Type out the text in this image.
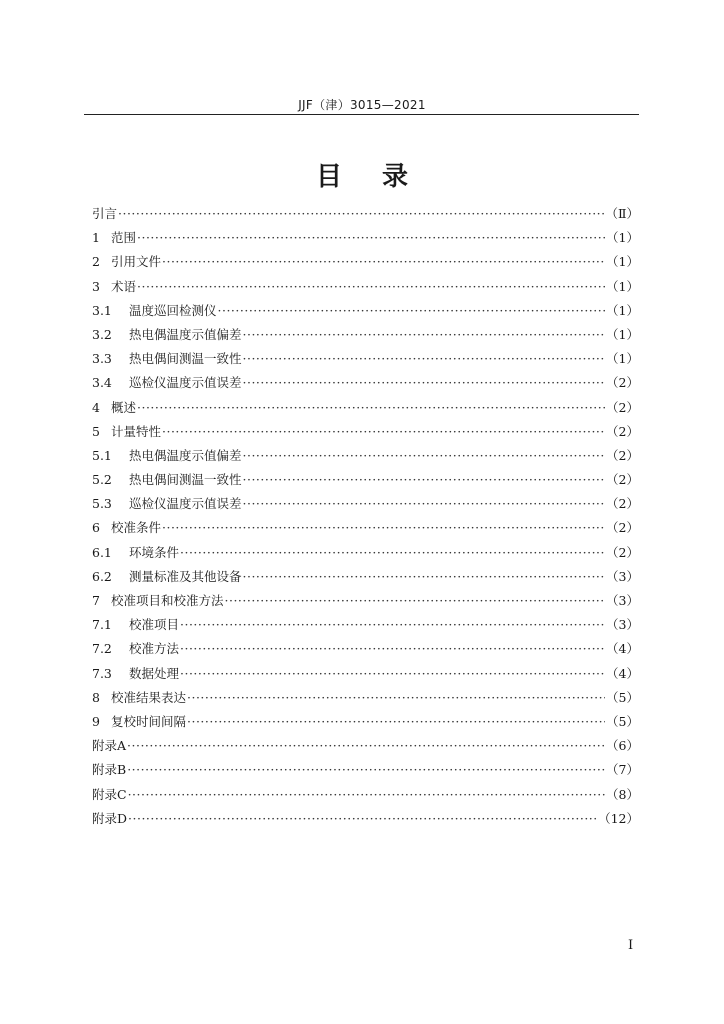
JJF（津）3015—2021
目录
引言 ·····	（Ⅱ）
1 范围 ·····	（1）
2 引用文件 ·····	（1）
3 术语 ·····	（1）
3.1	温度巡回检测仪 ·····	（1）
3.2	热电偶温度示值偏差 ·····	（1）
3.3	热电偶间测温一致性 ·····	（1）
3.4	巡检仪温度示值误差 ·····	（2）
4 概述 ·····	（2）
5 计量特性 ·····	（2）
5.1	热电偶温度示值偏差 ·····	（2）
5.2	热电偶间测温一致性 ·····	（2）
5.3	巡检仪温度示值误差 ·····	（2）
6 校准条件 ·····	（2）
6.1	环境条件 ·····	（2）
6.2	测量标准及其他设备 ·····	（3）
7 校准项目和校准方法 ·····	（3）
7.1	校准项目 ·····	（3）
7.2	校准方法 ·····	（4）
7.3	数据处理 ·····	（4）
8 校准结果表达 ·····	（5）
9 复校时间间隔 ·····	（5）
附录A ·····	（6）
附录B ·····	（7）
附录C ·····	（8）
附录D ·····	（12）
I
